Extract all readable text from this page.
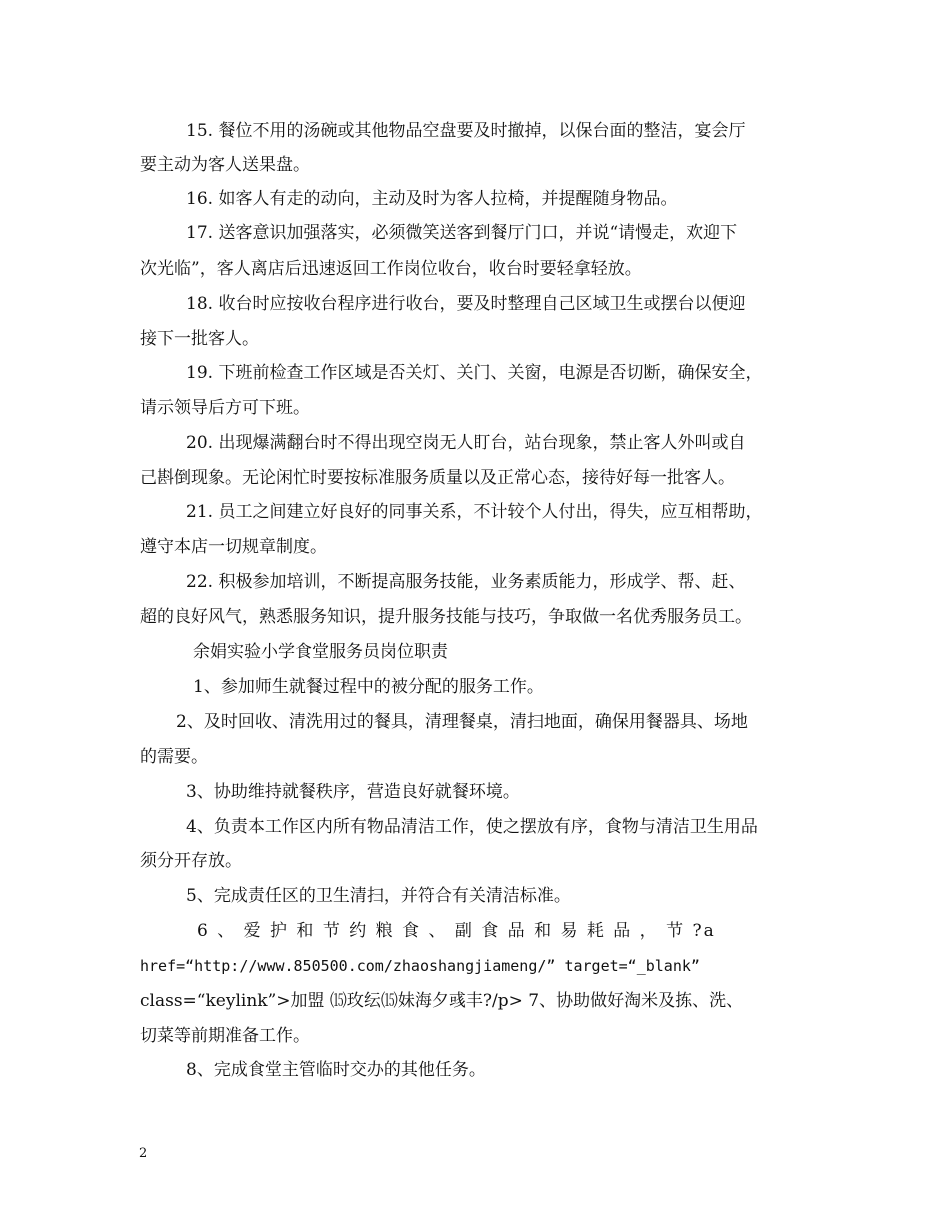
15. 餐位不用的汤碗或其他物品空盘要及时撤掉，以保台面的整洁，宴会厅
要主动为客人送果盘。
16. 如客人有走的动向，主动及时为客人拉椅，并提醒随身物品。
17. 送客意识加强落实，必须微笑送客到餐厅门口，并说“请慢走，欢迎下
次光临”，客人离店后迅速返回工作岗位收台，收台时要轻拿轻放。
18. 收台时应按收台程序进行收台，要及时整理自己区域卫生或摆台以便迎
接下一批客人。
19. 下班前检查工作区域是否关灯、关门、关窗，电源是否切断，确保安全，
请示领导后方可下班。
20. 出现爆满翻台时不得出现空岗无人盯台，站台现象，禁止客人外叫或自
己斟倒现象。无论闲忙时要按标准服务质量以及正常心态，接待好每一批客人。
21. 员工之间建立好良好的同事关系，不计较个人付出，得失，应互相帮助，
遵守本店一切规章制度。
22. 积极参加培训，不断提高服务技能，业务素质能力，形成学、帮、赶、
超的良好风气，熟悉服务知识，提升服务技能与技巧，争取做一名优秀服务员工。
余娟实验小学食堂服务员岗位职责
1、参加师生就餐过程中的被分配的服务工作。
2、及时回收、清洗用过的餐具，清理餐桌，清扫地面，确保用餐器具、场地
的需要。
3、协助维持就餐秩序，营造良好就餐环境。
4、负责本工作区内所有物品清洁工作，使之摆放有序，食物与清洁卫生用品
须分开存放。
5、完成责任区的卫生清扫，并符合有关清洁标准。
6 、 爱 护 和 节 约 粮 食 、 副 食 品 和 易 耗 品 ， 节 ?a
href=“http://www.850500.com/zhaoshangjiameng/” target=“_blank”
class=“keylink”>加盟 ⒂玫纭⒂妹海夕彧丰?/p> 7、协助做好淘米及拣、洗、
切菜等前期准备工作。
8、完成食堂主管临时交办的其他任务。
2
